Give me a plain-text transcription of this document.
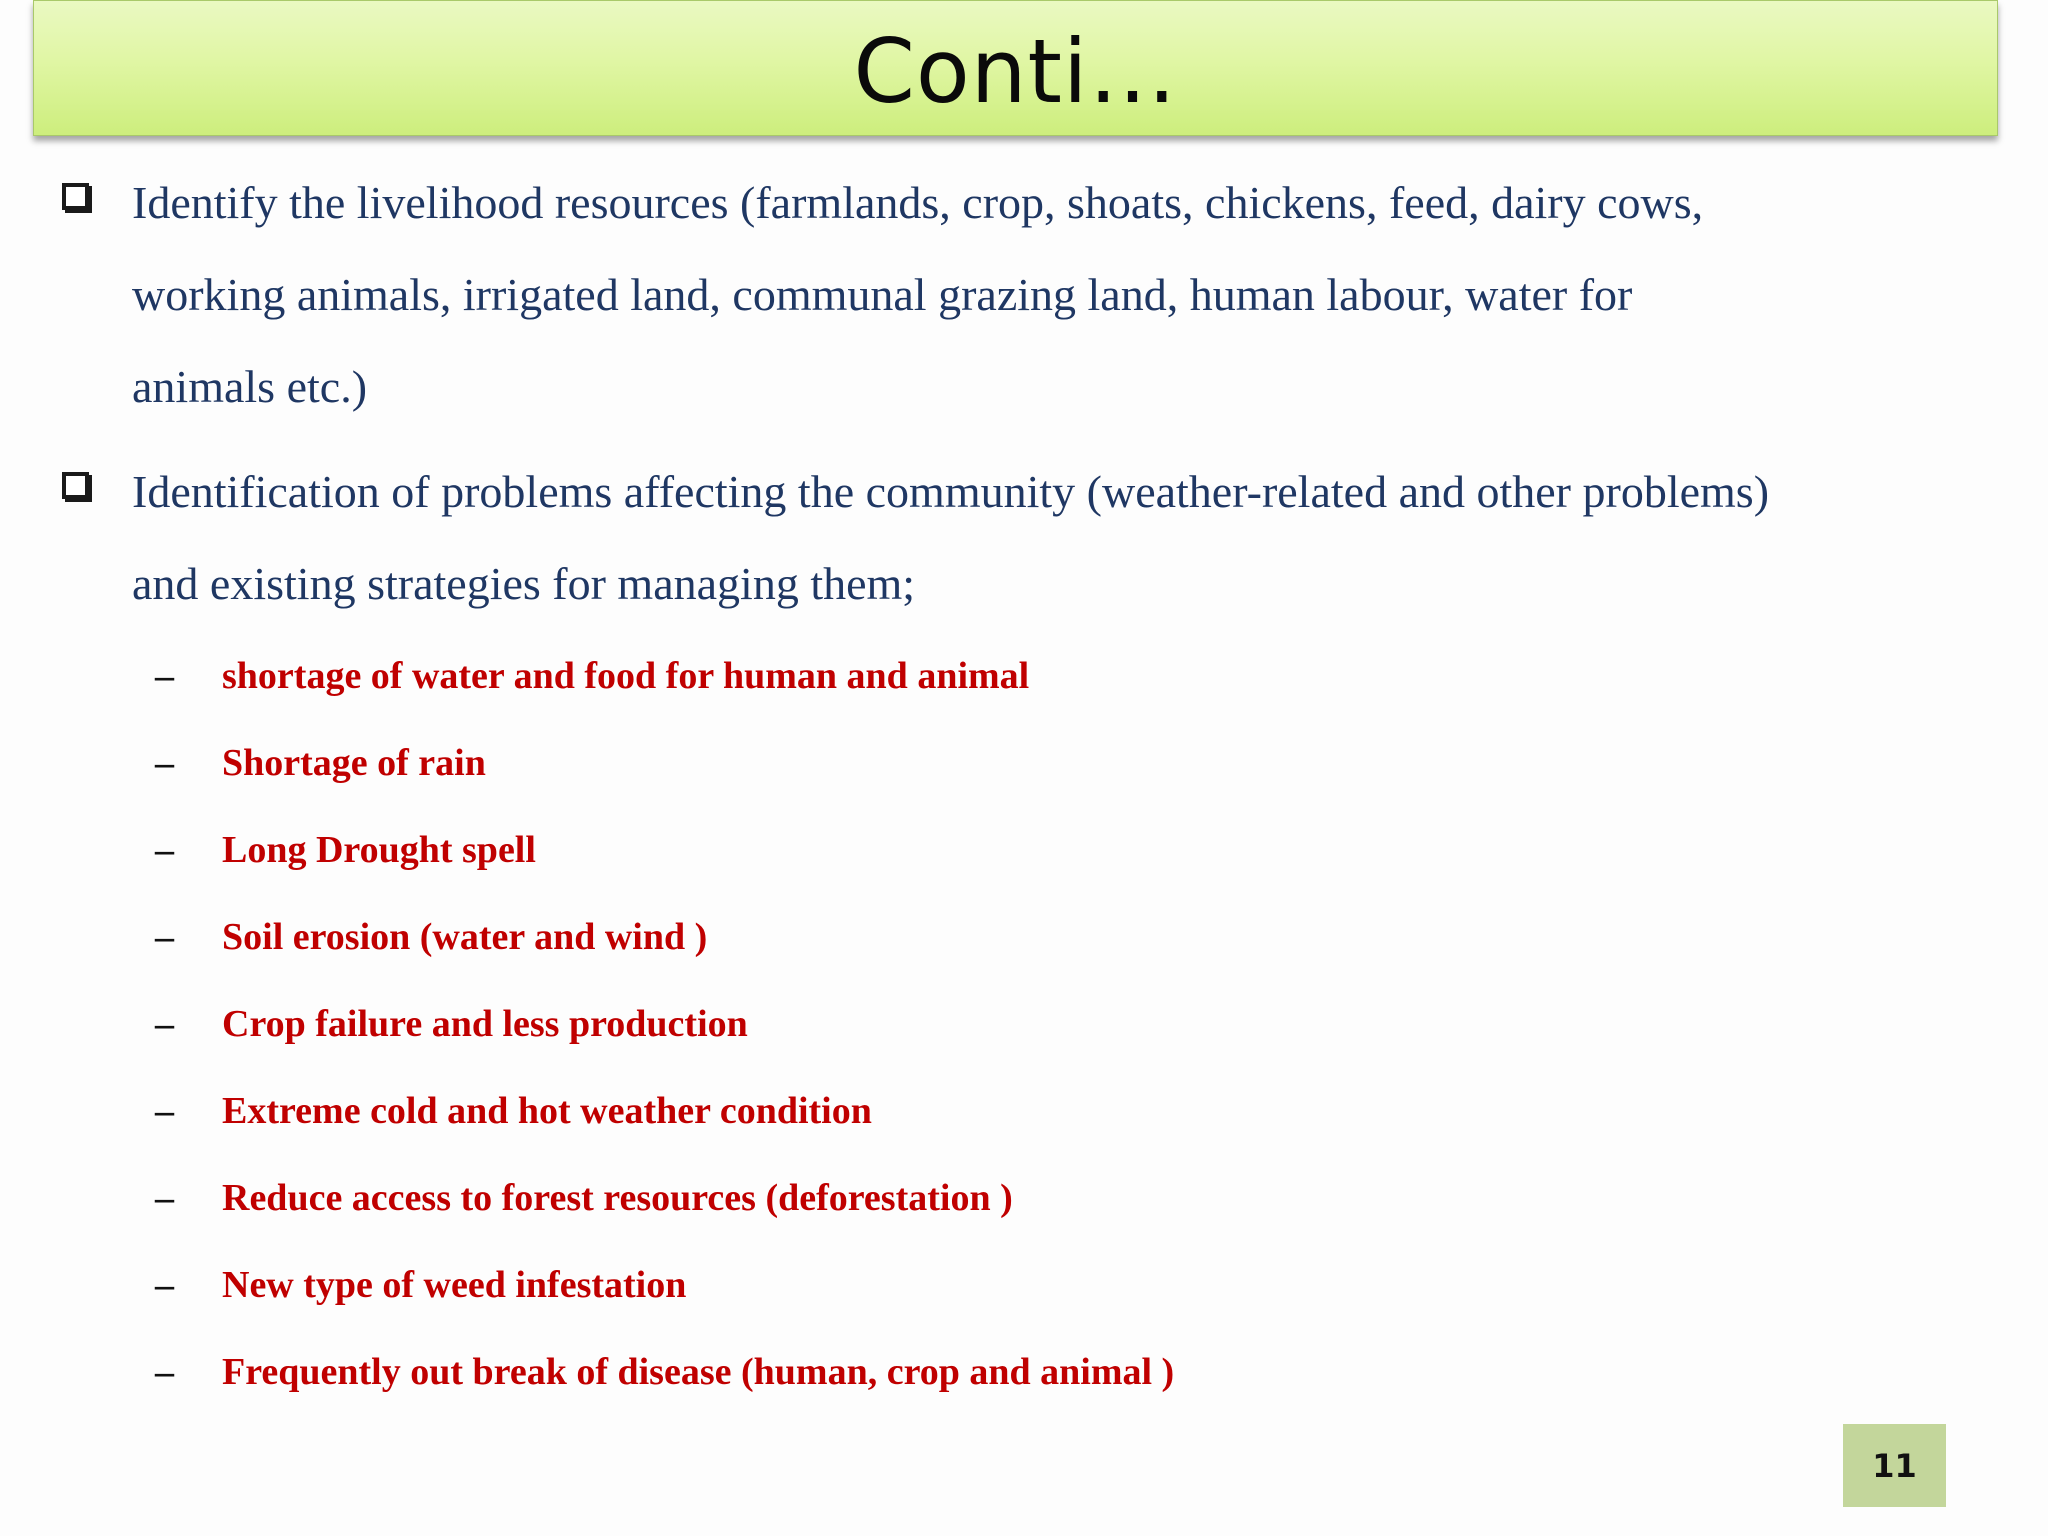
Conti…
Identify the livelihood resources (farmlands, crop, shoats, chickens, feed, dairy cows,
working animals, irrigated land, communal grazing land, human labour, water for
animals etc.)
Identification of problems affecting the community (weather-related and other problems)
and existing strategies for managing them;
– shortage of water and food for human and animal
– Shortage of rain
– Long Drought spell
– Soil erosion (water and wind )
– Crop failure and less production
– Extreme cold and hot weather condition
– Reduce access to forest resources (deforestation )
– New type of weed infestation
– Frequently out break of disease (human, crop and animal )
11
